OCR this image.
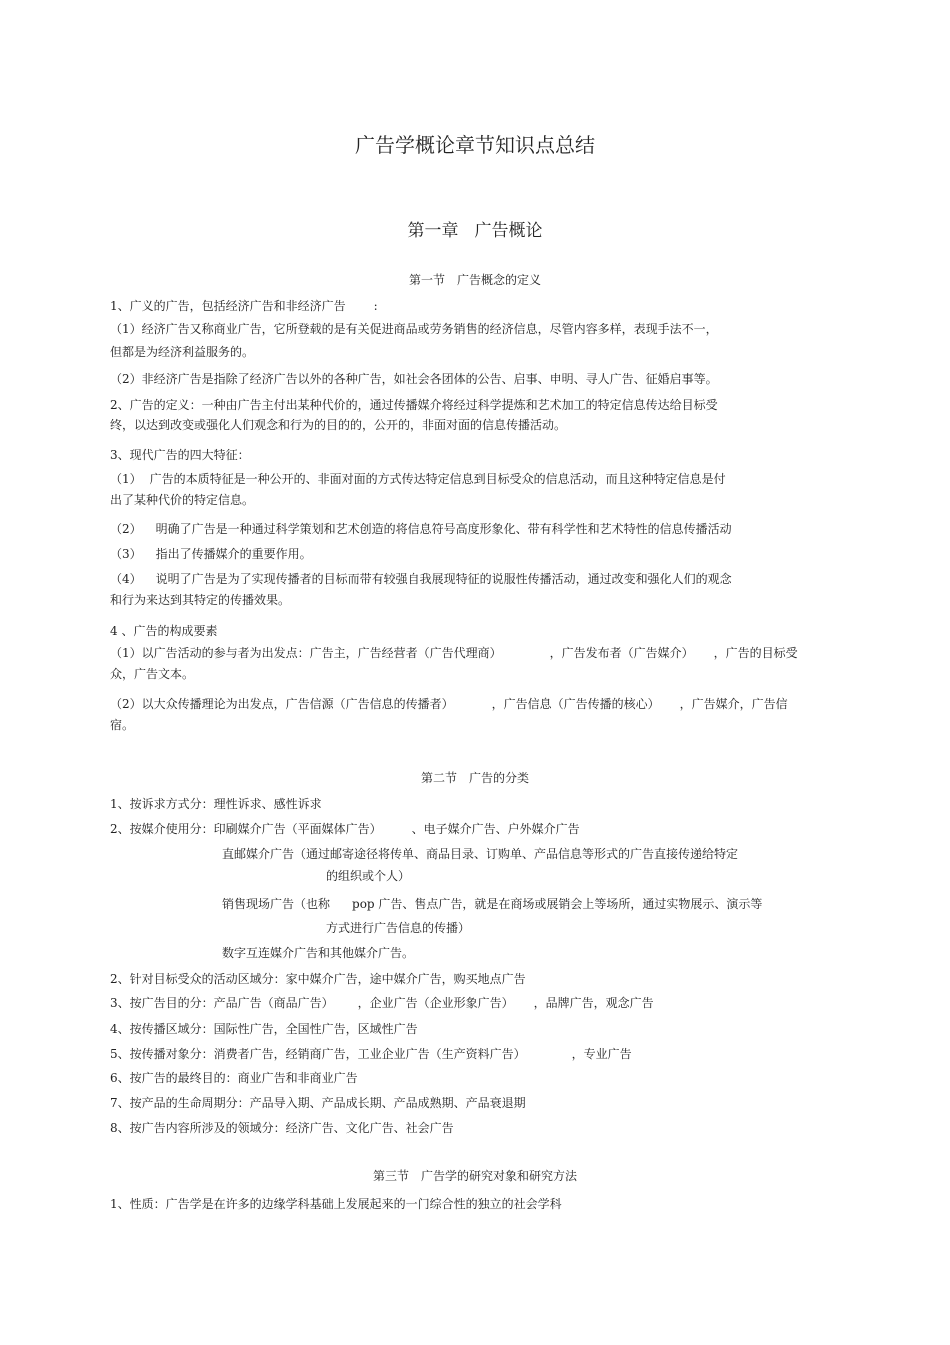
广告学概论章节知识点总结
第一章 广告概论
第一节 广告概念的定义
1、广义的广告，包括经济广告和非经济广告 :
（1）经济广告又称商业广告，它所登载的是有关促进商品或劳务销售的经济信息，尽管内容多样，表现手法不一，
但都是为经济利益服务的。
（2）非经济广告是指除了经济广告以外的各种广告，如社会各团体的公告、启事、申明、寻人广告、征婚启事等。
2、广告的定义：一种由广告主付出某种代价的，通过传播媒介将经过科学提炼和艺术加工的特定信息传达给目标受
终，以达到改变或强化人们观念和行为的目的的，公开的，非面对面的信息传播活动。
3、现代广告的四大特征：
（1） 广告的本质特征是一种公开的、非面对面的方式传达特定信息到目标受众的信息活动，而且这种特定信息是付
出了某种代价的特定信息。
（2） 明确了广告是一种通过科学策划和艺术创造的将信息符号高度形象化、带有科学性和艺术特性的信息传播活动
（3） 指出了传播媒介的重要作用。
（4） 说明了广告是为了实现传播者的目标而带有较强自我展现特征的说服性传播活动，通过改变和强化人们的观念
和行为来达到其特定的传播效果。
4 、广告的构成要素
（1）以广告活动的参与者为出发点：广告主，广告经营者（广告代理商）	，广告发布者（广告媒介） ，广告的目标受
众，广告文本。
（2）以大众传播理论为出发点，广告信源（广告信息的传播者）	，广告信息（广告传播的核心） ，广告媒介，广告信
宿。
第二节 广告的分类
1、按诉求方式分：理性诉求、感性诉求
2、按媒介使用分：印刷媒介广告（平面媒体广告）	、电子媒介广告、户外媒介广告
直邮媒介广告（通过邮寄途径将传单、商品目录、订购单、产品信息等形式的广告直接传递给特定
的组织或个人）
销售现场广告（也称 pop 广告、售点广告，就是在商场或展销会上等场所，通过实物展示、演示等
方式进行广告信息的传播）
数字互连媒介广告和其他媒介广告。
2、针对目标受众的活动区域分：家中媒介广告，途中媒介广告，购买地点广告
3、按广告目的分：产品广告（商品广告） ，企业广告（企业形象广告） ，品牌广告，观念广告
4、按传播区域分：国际性广告，全国性广告，区域性广告
5、按传播对象分：消费者广告，经销商广告，工业企业广告（生产资料广告）	，专业广告
6、按广告的最终目的：商业广告和非商业广告
7、按产品的生命周期分：产品导入期、产品成长期、产品成熟期、产品衰退期
8、按广告内容所涉及的领域分：经济广告、文化广告、社会广告
第三节 广告学的研究对象和研究方法
1、性质：广告学是在许多的边缘学科基础上发展起来的一门综合性的独立的社会学科
